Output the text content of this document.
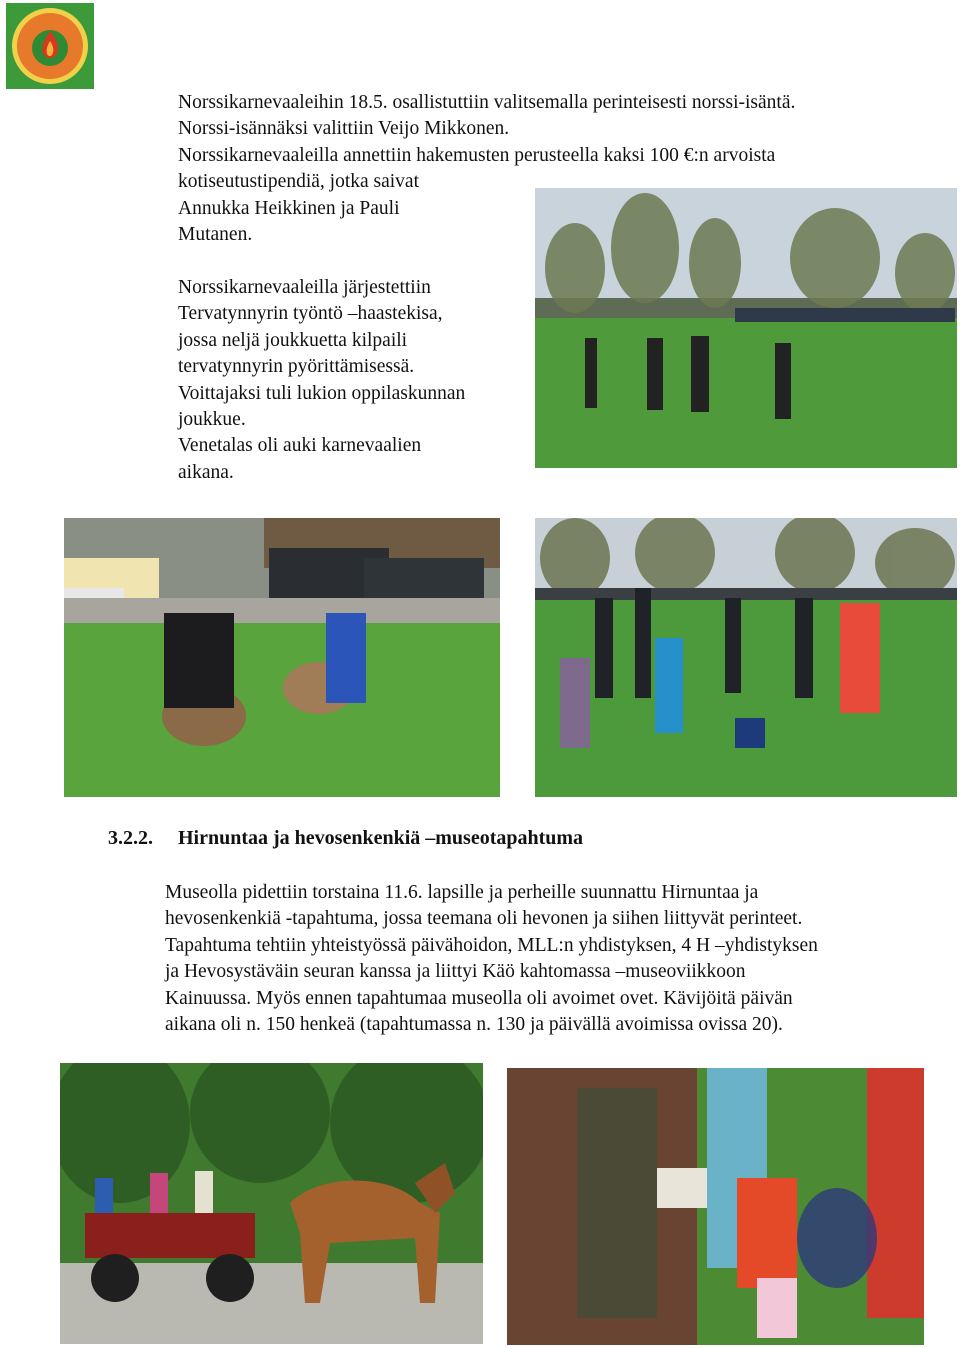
Norssikarnevaaleihin 18.5. osallistuttiin valitsemalla perinteisesti norssi-isäntä.
Norssi-isännäksi valittiin Veijo Mikkonen.
Norssikarnevaaleilla annettiin hakemusten perusteella kaksi 100 €:n arvoista
kotiseutustipendiä, jotka saivat
Annukka Heikkinen ja Pauli
Mutanen.
Norssikarnevaaleilla järjestettiin
Tervatynnyrin työntö –haastekisa,
jossa neljä joukkuetta kilpaili
tervatynnyrin pyörittämisessä.
Voittajaksi tuli lukion oppilaskunnan
joukkue.
Venetalas oli auki karnevaalien
aikana.
3.2.2. Hirnuntaa ja hevosenkenkiä –museotapahtuma
Museolla pidettiin torstaina 11.6. lapsille ja perheille suunnattu Hirnuntaa ja
hevosenkenkiä -tapahtuma, jossa teemana oli hevonen ja siihen liittyvät perinteet.
Tapahtuma tehtiin yhteistyössä päivähoidon, MLL:n yhdistyksen, 4 H –yhdistyksen
ja Hevosystäväin seuran kanssa ja liittyi Käö kahtomassa –museoviikkoon
Kainuussa. Myös ennen tapahtumaa museolla oli avoimet ovet. Kävijöitä päivän
aikana oli n. 150 henkeä (tapahtumassa n. 130 ja päivällä avoimissa ovissa 20).
